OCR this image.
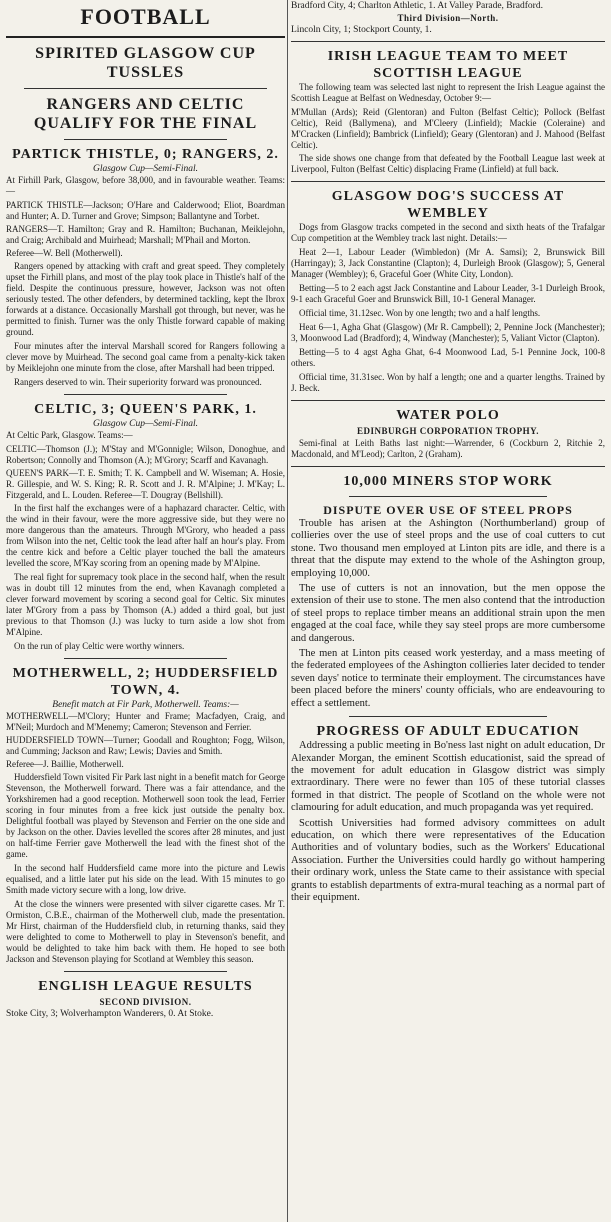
FOOTBALL
SPIRITED GLASGOW CUP TUSSLES
RANGERS AND CELTIC QUALIFY FOR THE FINAL
PARTICK THISTLE, 0; RANGERS, 2.
Glasgow Cup—Semi-Final.

At Firhill Park, Glasgow, before 38,000, and in favourable weather. Teams:—

PARTICK THISTLE—Jackson; O'Hare and Calderwood; Eliot, Boardman and Hunter; A. D. Turner and Grove; Simpson; Ballantyne and Torbet.

RANGERS—T. Hamilton; Gray and R. Hamilton; Buchanan, Meiklejohn, and Craig; Archibald and Muirhead; Marshall; M'Phail and Morton.

Referee—W. Bell (Motherwell).

Rangers opened by attacking with craft and great speed. They completely upset the Firhill plans, and most of the play took place in Thistle's half of the field. Despite the continuous pressure, however, Jackson was not often seriously tested. The other defenders, by determined tackling, kept the Ibrox forwards at a distance. Occasionally Marshall got through, but never, was he permitted to finish. Turner was the only Thistle forward capable of making ground.

Four minutes after the interval Marshall scored for Rangers following a clever move by Muirhead. The second goal came from a penalty-kick taken by Meiklejohn one minute from the close, after Marshall had been tripped.

Rangers deserved to win. Their superiority forward was pronounced.

CELTIC, 3; QUEEN'S PARK, 1.
Glasgow Cup—Semi-Final.

At Celtic Park, Glasgow. Teams:—

CELTIC—Thomson (J.); M'Stay and M'Gonnigle; Wilson, Donoghue, and Robertson; Connolly and Thomson (A.); M'Grory; Scarff and Kavanagh.

QUEEN'S PARK—T. E. Smith; T. K. Campbell and W. Wiseman; A. Hosie, R. Gillespie, and W. S. King; R. R. Scott and J. R. M'Alpine; J. M'Kay; L. Fitzgerald, and L. Louden. Referee—T. Dougray (Bellshill).

In the first half the exchanges were of a haphazard character. Celtic, with the wind in their favour, were the more aggressive side, but they were no more dangerous than the amateurs. Through M'Grory, who headed a pass from Wilson into the net, Celtic took the lead after half an hour's play. From the centre kick and before a Celtic player touched the ball the amateurs levelled the score, M'Kay scoring from an opening made by M'Alpine.

The real fight for supremacy took place in the second half, when the result was in doubt till 12 minutes from the end, when Kavanagh completed a clever forward movement by scoring a second goal for Celtic. Six minutes later M'Grory from a pass by Thomson (A.) added a third goal, but just previous to that Thomson (J.) was lucky to turn aside a low shot from M'Alpine.

On the run of play Celtic were worthy winners.

MOTHERWELL, 2; HUDDERSFIELD TOWN, 4.
Benefit match at Fir Park, Motherwell. Teams:—

MOTHERWELL—M'Clory; Hunter and Frame; Macfadyen, Craig, and M'Neil; Murdoch and M'Menemy; Cameron; Stevenson and Ferrier.

HUDDERSFIELD TOWN—Turner; Goodall and Roughton; Fogg, Wilson, and Cumming; Jackson and Raw; Lewis; Davies and Smith.

Referee—J. Baillie, Motherwell.

Huddersfield Town visited Fir Park last night in a benefit match for George Stevenson, the Motherwell forward. There was a fair attendance, and the Yorkshiremen had a good reception. Motherwell soon took the lead, Ferrier scoring in four minutes from a free kick just outside the penalty box. Delightful football was played by Stevenson and Ferrier on the one side and by Jackson on the other. Davies levelled the scores after 28 minutes, and just on half-time Ferrier gave Motherwell the lead with the finest shot of the game.

In the second half Huddersfield came more into the picture and Lewis equalised, and a little later put his side on the lead. With 15 minutes to go Smith made victory secure with a long, low drive.

At the close the winners were presented with silver cigarette cases. Mr T. Ormiston, C.B.E., chairman of the Motherwell club, made the presentation. Mr Hirst, chairman of the Huddersfield club, in returning thanks, said they were delighted to come to Motherwell to play in Stevenson's benefit, and would be delighted to take him back with them. He hoped to see both Jackson and Stevenson playing for Scotland at Wembley this season.

ENGLISH LEAGUE RESULTS
SECOND DIVISION.

Stoke City, 3; Wolverhampton Wanderers, 0. At Stoke.

Bradford City, 4; Charlton Athletic, 1. At Valley Parade, Bradford.

Third Division—North.

Lincoln City, 1; Stockport County, 1.

IRISH LEAGUE TEAM TO MEET SCOTTISH LEAGUE

The following team was selected last night to represent the Irish League against the Scottish League at Belfast on Wednesday, October 9:—

M'Mullan (Ards); Reid (Glentoran) and Fulton (Belfast Celtic); Pollock (Belfast Celtic), Reid (Ballymena), and M'Cleery (Linfield); Mackie (Coleraine) and M'Cracken (Linfield); Bambrick (Linfield); Geary (Glentoran) and J. Mahood (Belfast Celtic).

The side shows one change from that defeated by the Football League last week at Liverpool, Fulton (Belfast Celtic) displacing Frame (Linfield) at full back.

GLASGOW DOG'S SUCCESS AT WEMBLEY

Dogs from Glasgow tracks competed in the second and sixth heats of the Trafalgar Cup competition at the Wembley track last night. Details:—

Heat 2—1, Labour Leader (Wimbledon) (Mr A. Samsi); 2, Brunswick Bill (Harringay); 3, Jack Constantine (Clapton); 4, Durleigh Brook (Glasgow); 5, General Manager (Wembley); 6, Graceful Goer (White City, London).

Betting—5 to 2 each agst Jack Constantine and Labour Leader, 3-1 Durleigh Brook, 9-1 each Graceful Goer and Brunswick Bill, 10-1 General Manager.

Official time, 31.12sec. Won by one length; two and a half lengths.

Heat 6—1, Agha Ghat (Glasgow) (Mr R. Campbell); 2, Pennine Jock (Manchester); 3, Moonwood Lad (Bradford); 4, Windway (Manchester); 5, Valiant Victor (Clapton).

Betting—5 to 4 agst Agha Ghat, 6-4 Moonwood Lad, 5-1 Pennine Jock, 100-8 others.

Official time, 31.31sec. Won by half a length; one and a quarter lengths. Trained by J. Beck.

WATER POLO
EDINBURGH CORPORATION TROPHY.

Semi-final at Leith Baths last night:—Warrender, 6 (Cockburn 2, Ritchie 2, Macdonald, and M'Leod); Carlton, 2 (Graham).

10,000 MINERS STOP WORK
DISPUTE OVER USE OF STEEL PROPS

Trouble has arisen at the Ashington (Northumberland) group of collieries over the use of steel props and the use of coal cutters to cut stone. Two thousand men employed at Linton pits are idle, and there is a threat that the dispute may extend to the whole of the Ashington group, employing 10,000.

The use of cutters is not an innovation, but the men oppose the extension of their use to stone. The men also contend that the introduction of steel props to replace timber means an additional strain upon the men engaged at the coal face, while they say steel props are more cumbersome and dangerous.

The men at Linton pits ceased work yesterday, and a mass meeting of the federated employees of the Ashington collieries later decided to tender seven days' notice to terminate their employment. The circumstances have been placed before the miners' county officials, who are endeavouring to effect a settlement.

PROGRESS OF ADULT EDUCATION

Addressing a public meeting in Bo'ness last night on adult education, Dr Alexander Morgan, the eminent Scottish educationist, said the spread of the movement for adult education in Glasgow district was simply extraordinary. There were no fewer than 105 of these tutorial classes formed in that district. The people of Scotland on the whole were not clamouring for adult education, and much propaganda was yet required.

Scottish Universities had formed advisory committees on adult education, on which there were representatives of the Education Authorities and of voluntary bodies, such as the Workers' Educational Association. Further the Universities could hardly go without hampering their ordinary work, unless the State came to their assistance with special grants to establish departments of extra-mural teaching as a normal part of their equipment.
